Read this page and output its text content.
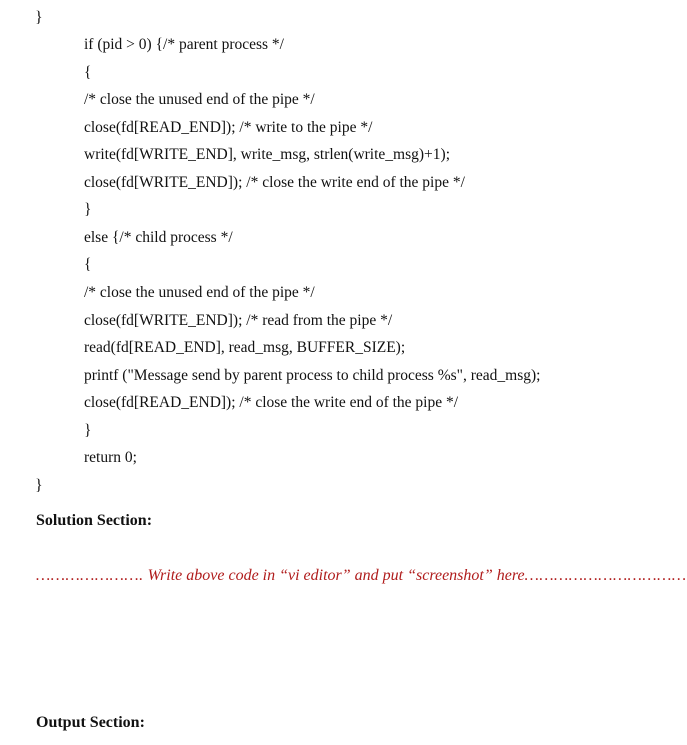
}
if (pid > 0) {/* parent process */
{
/* close the unused end of the pipe */
close(fd[READ_END]); /* write to the pipe */
write(fd[WRITE_END], write_msg, strlen(write_msg)+1);
close(fd[WRITE_END]); /* close the write end of the pipe */
}
else {/* child process */
{
/* close the unused end of the pipe */
close(fd[WRITE_END]); /* read from the pipe */
read(fd[READ_END], read_msg, BUFFER_SIZE);
printf ("Message send by parent process to child process %s", read_msg);
close(fd[READ_END]); /* close the write end of the pipe */
}
return 0;
}
Solution Section:
…………………. Write above code in “vi editor” and put “screenshot” here……………………………
Output Section:
